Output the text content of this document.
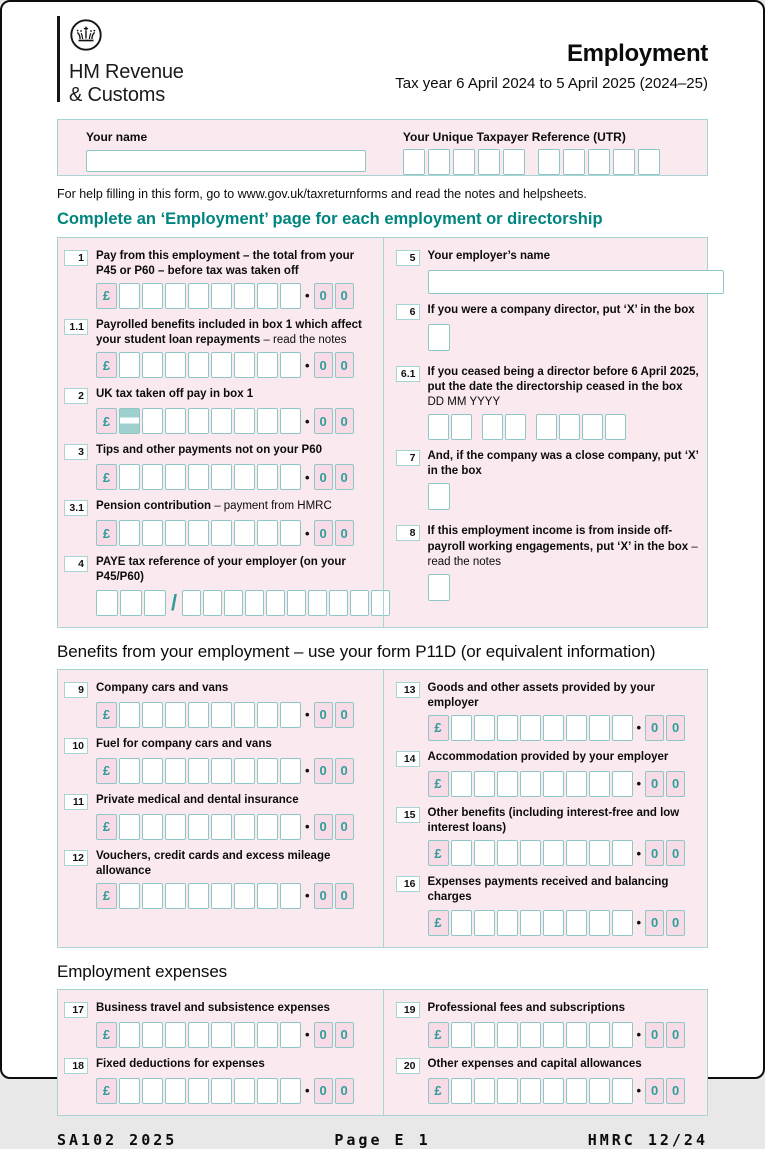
HM Revenue
& Customs
Employment
Tax year 6 April 2024 to 5 April 2025 (2024–25)
Your name	Your Unique Taxpayer Reference (UTR)

For help filling in this form, go to www.gov.uk/taxreturnforms and read the notes and helpsheets.

Complete an ‘Employment’ page for each employment or directorship
1	Pay from this employment – the total from your P45 or P60 – before tax was taken off
£	• 0	0
1.1	Payrolled benefits included in box 1 which affect your student loan repayments – read the notes
£	• 0	0
2	UK tax taken off pay in box 1
£	• 0	0
3	Tips and other payments not on your P60
£	• 0	0
3.1	Pension contribution – payment from HMRC
£	• 0	0
4	PAYE tax reference of your employer (on your P45/P60)
/
5	Your employer’s name
6	If you were a company director, put ‘X’ in the box
6.1	If you ceased being a director before 6 April 2025, put the date the directorship ceased in the box DD MM YYYY
7	And, if the company was a close company, put ‘X’ in the box
8	If this employment income is from inside off-payroll working engagements, put ‘X’ in the box – read the notes
Benefits from your employment – use your form P11D (or equivalent information)
9	Company cars and vans
£	• 0	0
10	Fuel for company cars and vans
£	• 0	0
11	Private medical and dental insurance
£	• 0	0
12	Vouchers, credit cards and excess mileage allowance
£	• 0	0
13	Goods and other assets provided by your employer
£	• 0	0
14	Accommodation provided by your employer
£	• 0	0
15	Other benefits (including interest-free and low interest loans)
£	• 0	0
16	Expenses payments received and balancing charges
£	• 0	0
Employment expenses
17	Business travel and subsistence expenses
£	• 0	0
18	Fixed deductions for expenses
£	• 0	0
19	Professional fees and subscriptions
£	• 0	0
20	Other expenses and capital allowances
£	• 0	0
SA102 2025	Page E 1	HMRC 12/24
